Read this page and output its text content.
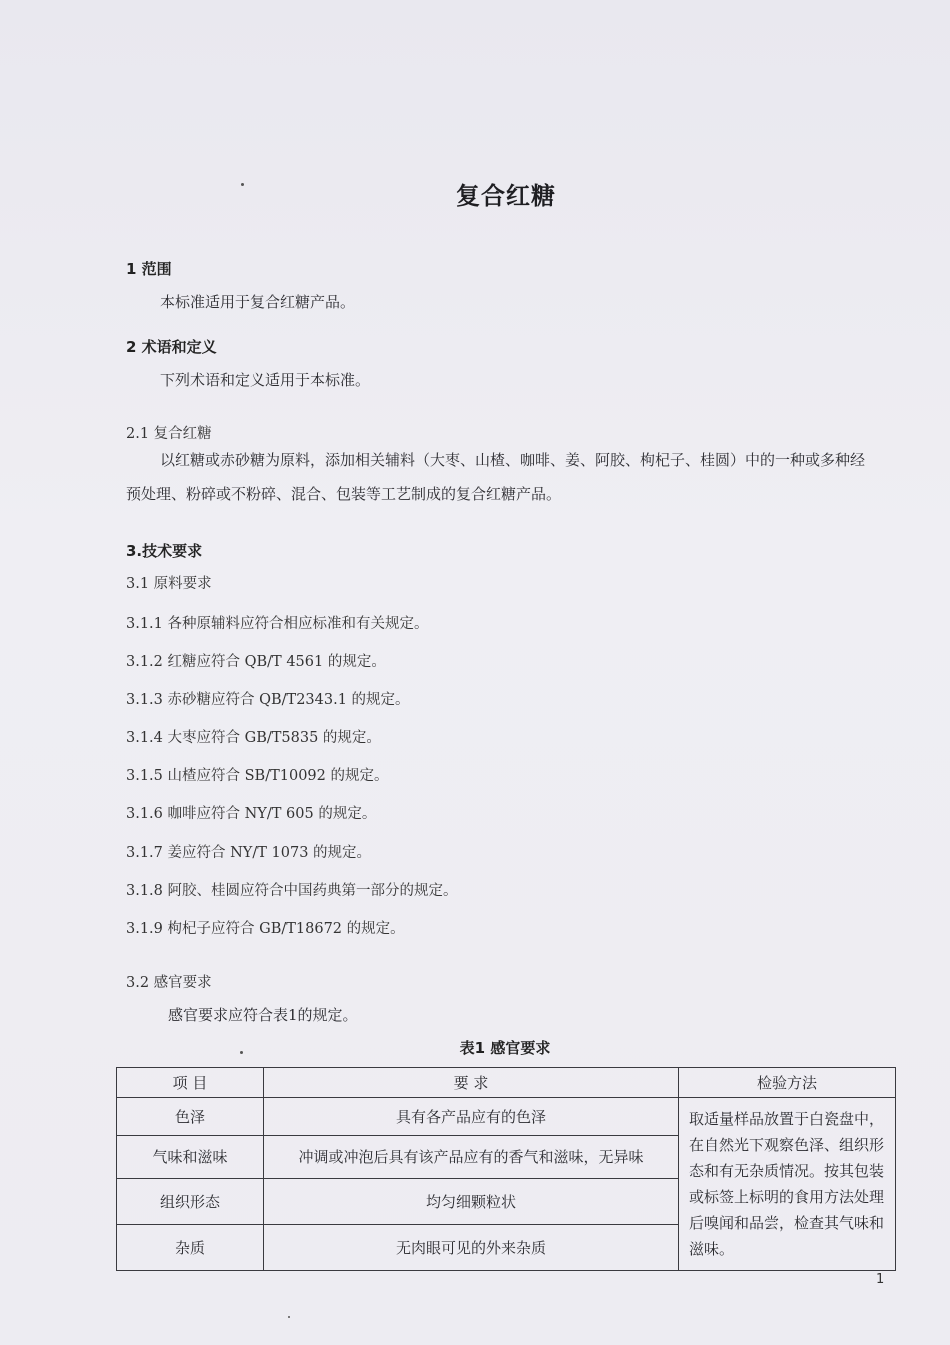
复合红糖
1 范围
本标准适用于复合红糖产品。
2 术语和定义
下列术语和定义适用于本标准。
2.1 复合红糖
以红糖或赤砂糖为原料，添加相关辅料（大枣、山楂、咖啡、姜、阿胶、枸杞子、桂圆）中的一种或多种经预处理、粉碎或不粉碎、混合、包装等工艺制成的复合红糖产品。
3.技术要求
3.1 原料要求
3.1.1 各种原辅料应符合相应标准和有关规定。
3.1.2 红糖应符合 QB/T 4561 的规定。
3.1.3 赤砂糖应符合 QB/T2343.1 的规定。
3.1.4 大枣应符合 GB/T5835 的规定。
3.1.5 山楂应符合 SB/T10092 的规定。
3.1.6 咖啡应符合 NY/T 605 的规定。
3.1.7 姜应符合 NY/T 1073 的规定。
3.1.8 阿胶、桂圆应符合中国药典第一部分的规定。
3.1.9 枸杞子应符合 GB/T18672 的规定。
3.2 感官要求
感官要求应符合表1的规定。
表1 感官要求
项 目	要 求	检验方法
色泽	具有各产品应有的色泽	取适量样品放置于白瓷盘中，在自然光下观察色泽、组织形态和有无杂质情况。按其包装或标签上标明的食用方法处理后嗅闻和品尝，检查其气味和滋味。
气味和滋味	冲调或冲泡后具有该产品应有的香气和滋味，无异味	
组织形态	均匀细颗粒状	
杂质	无肉眼可见的外来杂质	
1
